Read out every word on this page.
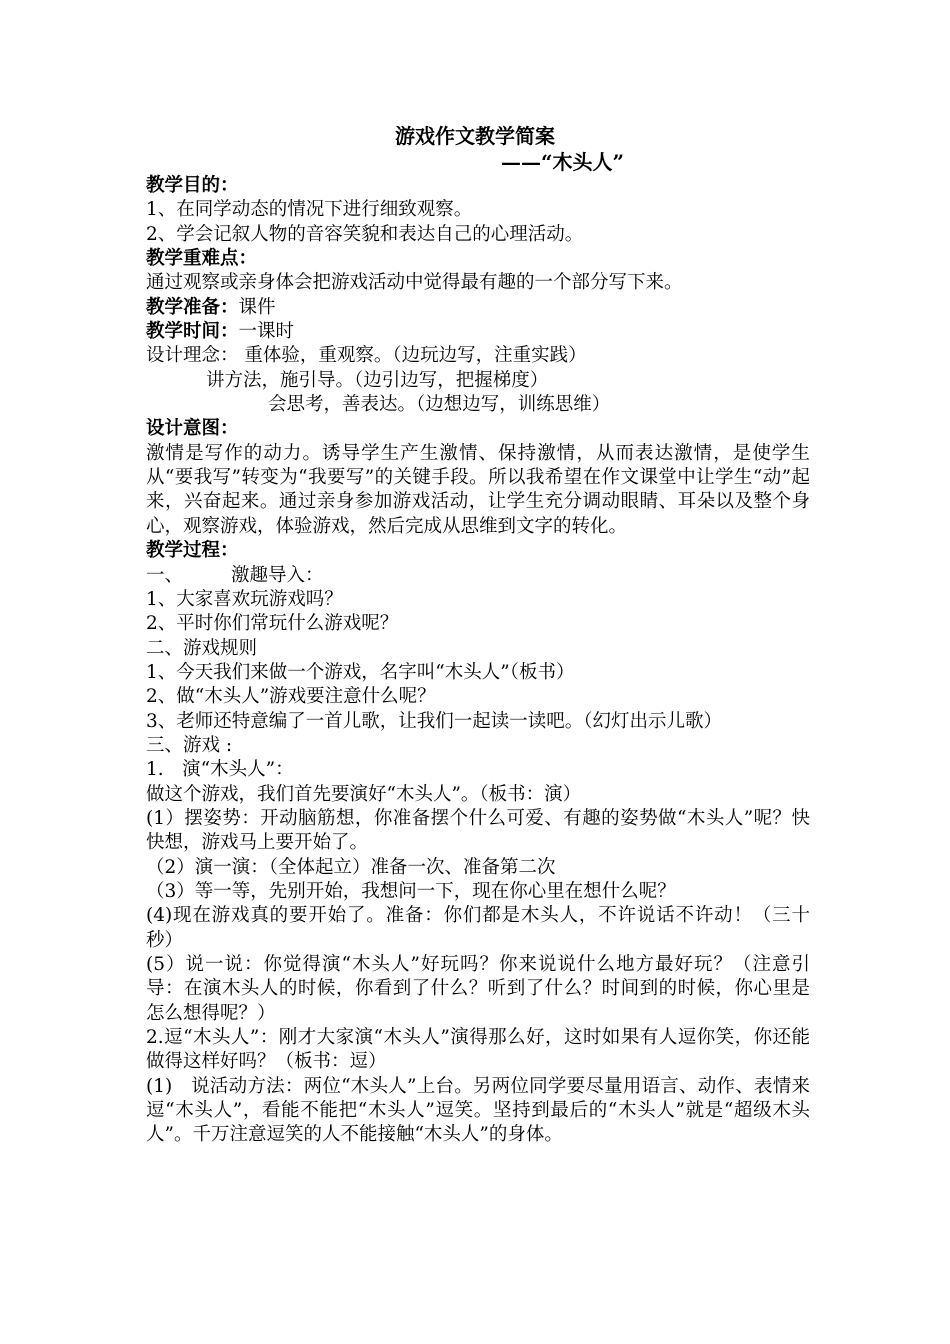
游戏作文教学简案
——“木头人”

教学目的：

1、在同学动态的情况下进行细致观察。

2、学会记叙人物的音容笑貌和表达自己的心理活动。

教学重难点：

通过观察或亲身体会把游戏活动中觉得最有趣的一个部分写下来。

教学准备：课件

教学时间：一课时

设计理念： 重体验，重观察。（边玩边写，注重实践）

讲方法，施引导。（边引边写，把握梯度）

会思考，善表达。（边想边写，训练思维）

设计意图：

激情是写作的动力。诱导学生产生激情、保持激情，从而表达激情，是使学生从“要我写”转变为“我要写”的关键手段。所以我希望在作文课堂中让学生“动”起来，兴奋起来。通过亲身参加游戏活动，让学生充分调动眼睛、耳朵以及整个身心，观察游戏，体验游戏，然后完成从思维到文字的转化。

教学过程：

一、	激趣导入：

1、大家喜欢玩游戏吗？

2、平时你们常玩什么游戏呢？

二、游戏规则

1、今天我们来做一个游戏，名字叫“木头人”（板书）

2、做“木头人”游戏要注意什么呢？

3、老师还特意编了一首儿歌，让我们一起读一读吧。（幻灯出示儿歌）

三、游戏 :

1.　演“木头人”：

做这个游戏，我们首先要演好“木头人”。（板书：演）

(1）摆姿势：开动脑筋想，你准备摆个什么可爱、有趣的姿势做“木头人”呢？快快想，游戏马上要开始了。

（2）演一演：（全体起立）准备一次、准备第二次

（3）等一等，先别开始，我想问一下，现在你心里在想什么呢？

(4)现在游戏真的要开始了。准备：你们都是木头人，不许说话不许动！（三十秒）

(5）说一说：你觉得演“木头人”好玩吗？你来说说什么地方最好玩？（注意引导：在演木头人的时候，你看到了什么？听到了什么？时间到的时候，你心里是怎么想得呢？）

2.逗“木头人”：刚才大家演“木头人”演得那么好，这时如果有人逗你笑，你还能做得这样好吗？（板书：逗）

(1)　说活动方法：两位“木头人”上台。另两位同学要尽量用语言、动作、表情来逗“木头人”，看能不能把“木头人”逗笑。坚持到最后的“木头人”就是“超级木头人”。千万注意逗笑的人不能接触“木头人”的身体。
